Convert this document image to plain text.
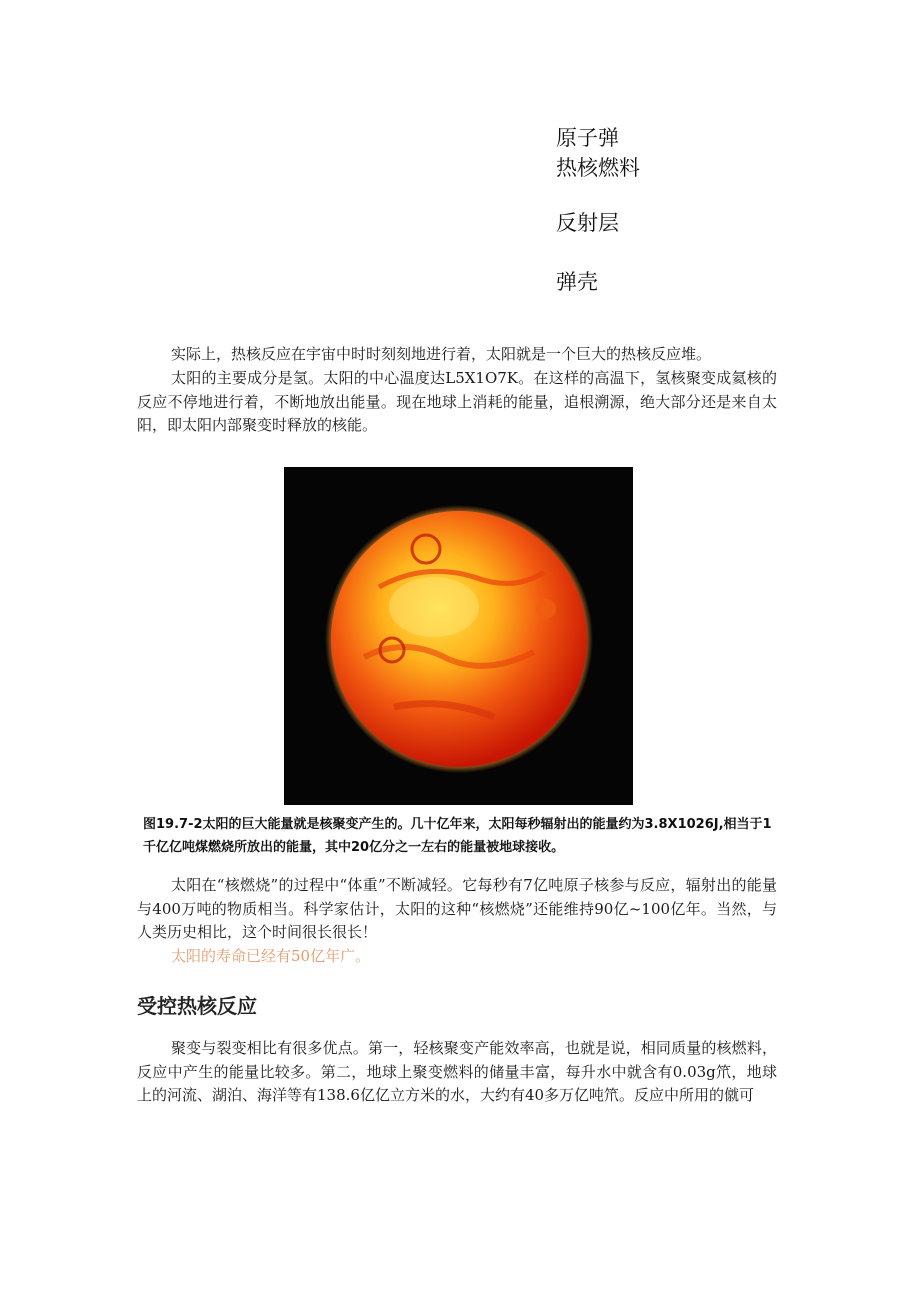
原子弹
热核燃料
反射层
弹壳

实际上，热核反应在宇宙中时时刻刻地进行着，太阳就是一个巨大的热核反应堆。

太阳的主要成分是氢。太阳的中心温度达L5X1O7K。在这样的高温下，氢核聚变成氦核的反应不停地进行着，不断地放出能量。现在地球上消耗的能量，追根溯源，绝大部分还是来自太阳，即太阳内部聚变时释放的核能。

图19.7-2太阳的巨大能量就是核聚变产生的。几十亿年来，太阳每秒辐射出的能量约为3.8X1026J,相当于1千亿亿吨煤燃烧所放出的能量，其中20亿分之一左右的能量被地球接收。

太阳在“核燃烧”的过程中“体重”不断减轻。它每秒有7亿吨原子核参与反应，辐射出的能量与400万吨的物质相当。科学家估计，太阳的这种“核燃烧”还能维持90亿~100亿年。当然，与人类历史相比，这个时间很长很长！

太阳的寿命已经有50亿年广。

受控热核反应

聚变与裂变相比有很多优点。第一，轻核聚变产能效率高，也就是说，相同质量的核燃料，反应中产生的能量比较多。第二，地球上聚变燃料的储量丰富，每升水中就含有0.03g笊，地球上的河流、湖泊、海洋等有138.6亿亿立方米的水，大约有40多万亿吨笊。反应中所用的僦可
